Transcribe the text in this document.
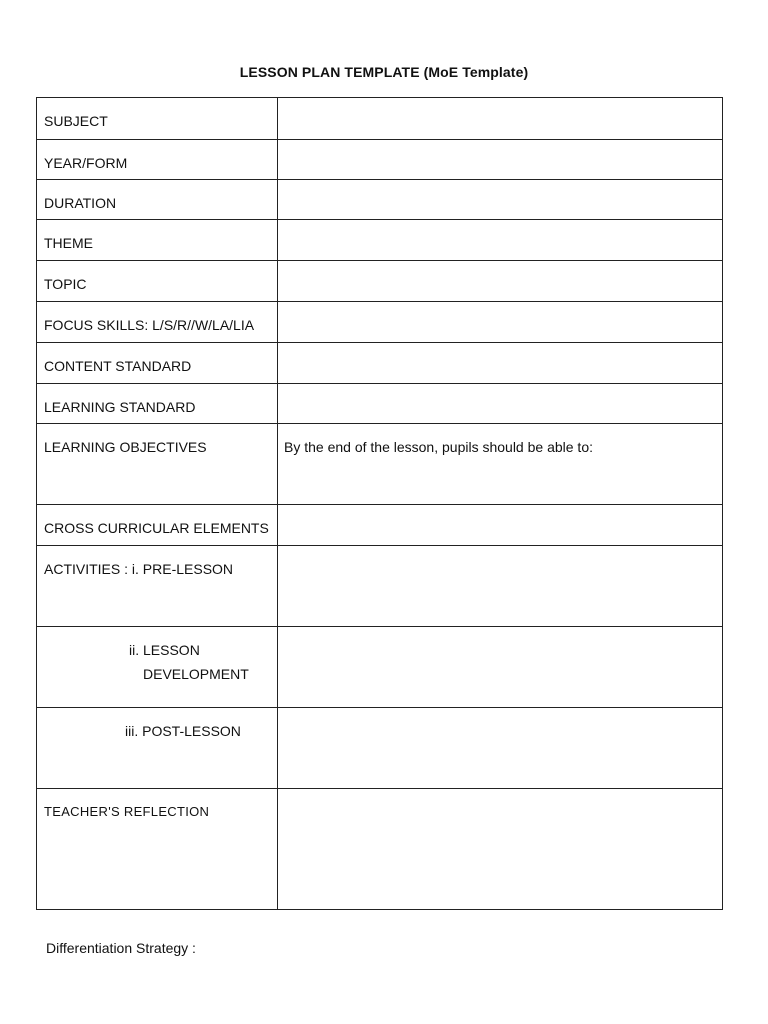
LESSON PLAN TEMPLATE (MoE Template)
SUBJECT	

YEAR/FORM	

DURATION	

THEME	

TOPIC	

FOCUS SKILLS: L/S/R//W/LA/LIA	

CONTENT STANDARD	

LEARNING STANDARD	

LEARNING OBJECTIVES	By the end of the lesson, pupils should be able to:

CROSS CURRICULAR ELEMENTS	

ACTIVITIES : i. PRE-LESSON	

ii. LESSON
DEVELOPMENT	

iii. POST-LESSON	

TEACHER'S REFLECTION	

Differentiation Strategy :
